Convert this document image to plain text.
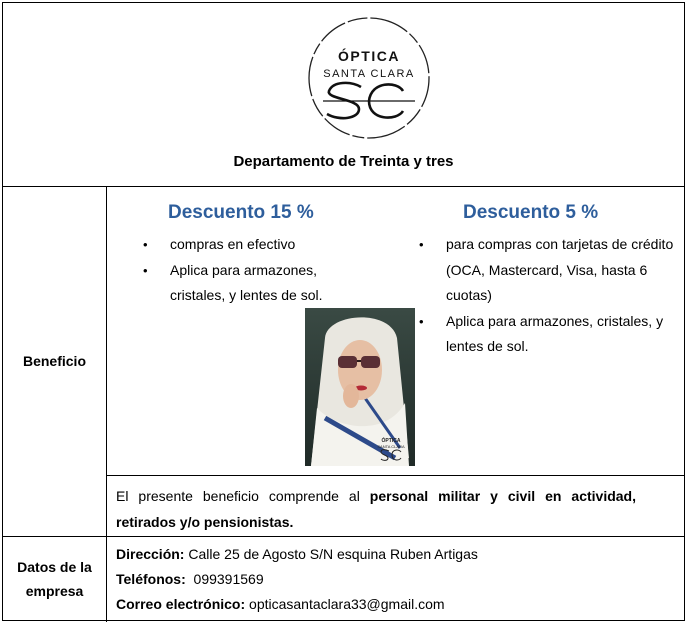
ÓPTICA
SANTA CLARA
Departamento de Treinta y tres
Beneficio
Descuento 15 %
• compras en efectivo
• Aplica para armazones, cristales, y lentes de sol.
Descuento 5 %
• para compras con tarjetas de crédito (OCA, Mastercard, Visa, hasta 6 cuotas)
• Aplica para armazones, cristales, y lentes de sol.
ÓPTICA
SANTA CLARA
El presente beneficio comprende al personal militar y civil en actividad, retirados y/o pensionistas.
Datos de la
empresa
Dirección: Calle 25 de Agosto S/N esquina Ruben Artigas
Teléfonos: 099391569
Correo electrónico: opticasantaclara33@gmail.com
